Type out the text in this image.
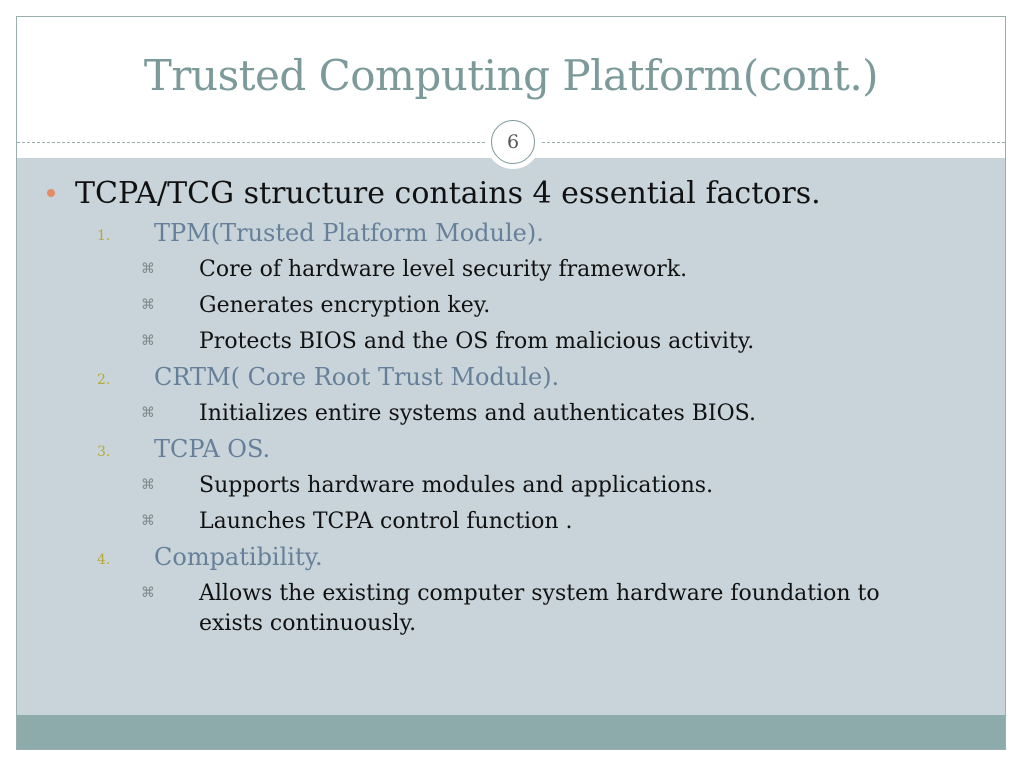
Trusted Computing Platform(cont.)
6
TCPA/TCG structure contains 4 essential factors.
1. TPM(Trusted Platform Module).
⌘ Core of hardware level security framework.
⌘ Generates encryption key.
⌘ Protects BIOS and the OS from malicious activity.
2. CRTM( Core Root Trust Module).
⌘ Initializes entire systems and authenticates BIOS.
3. TCPA OS.
⌘ Supports hardware modules and applications.
⌘ Launches TCPA control function .
4. Compatibility.
⌘ Allows the existing computer system hardware foundation to exists continuously.
